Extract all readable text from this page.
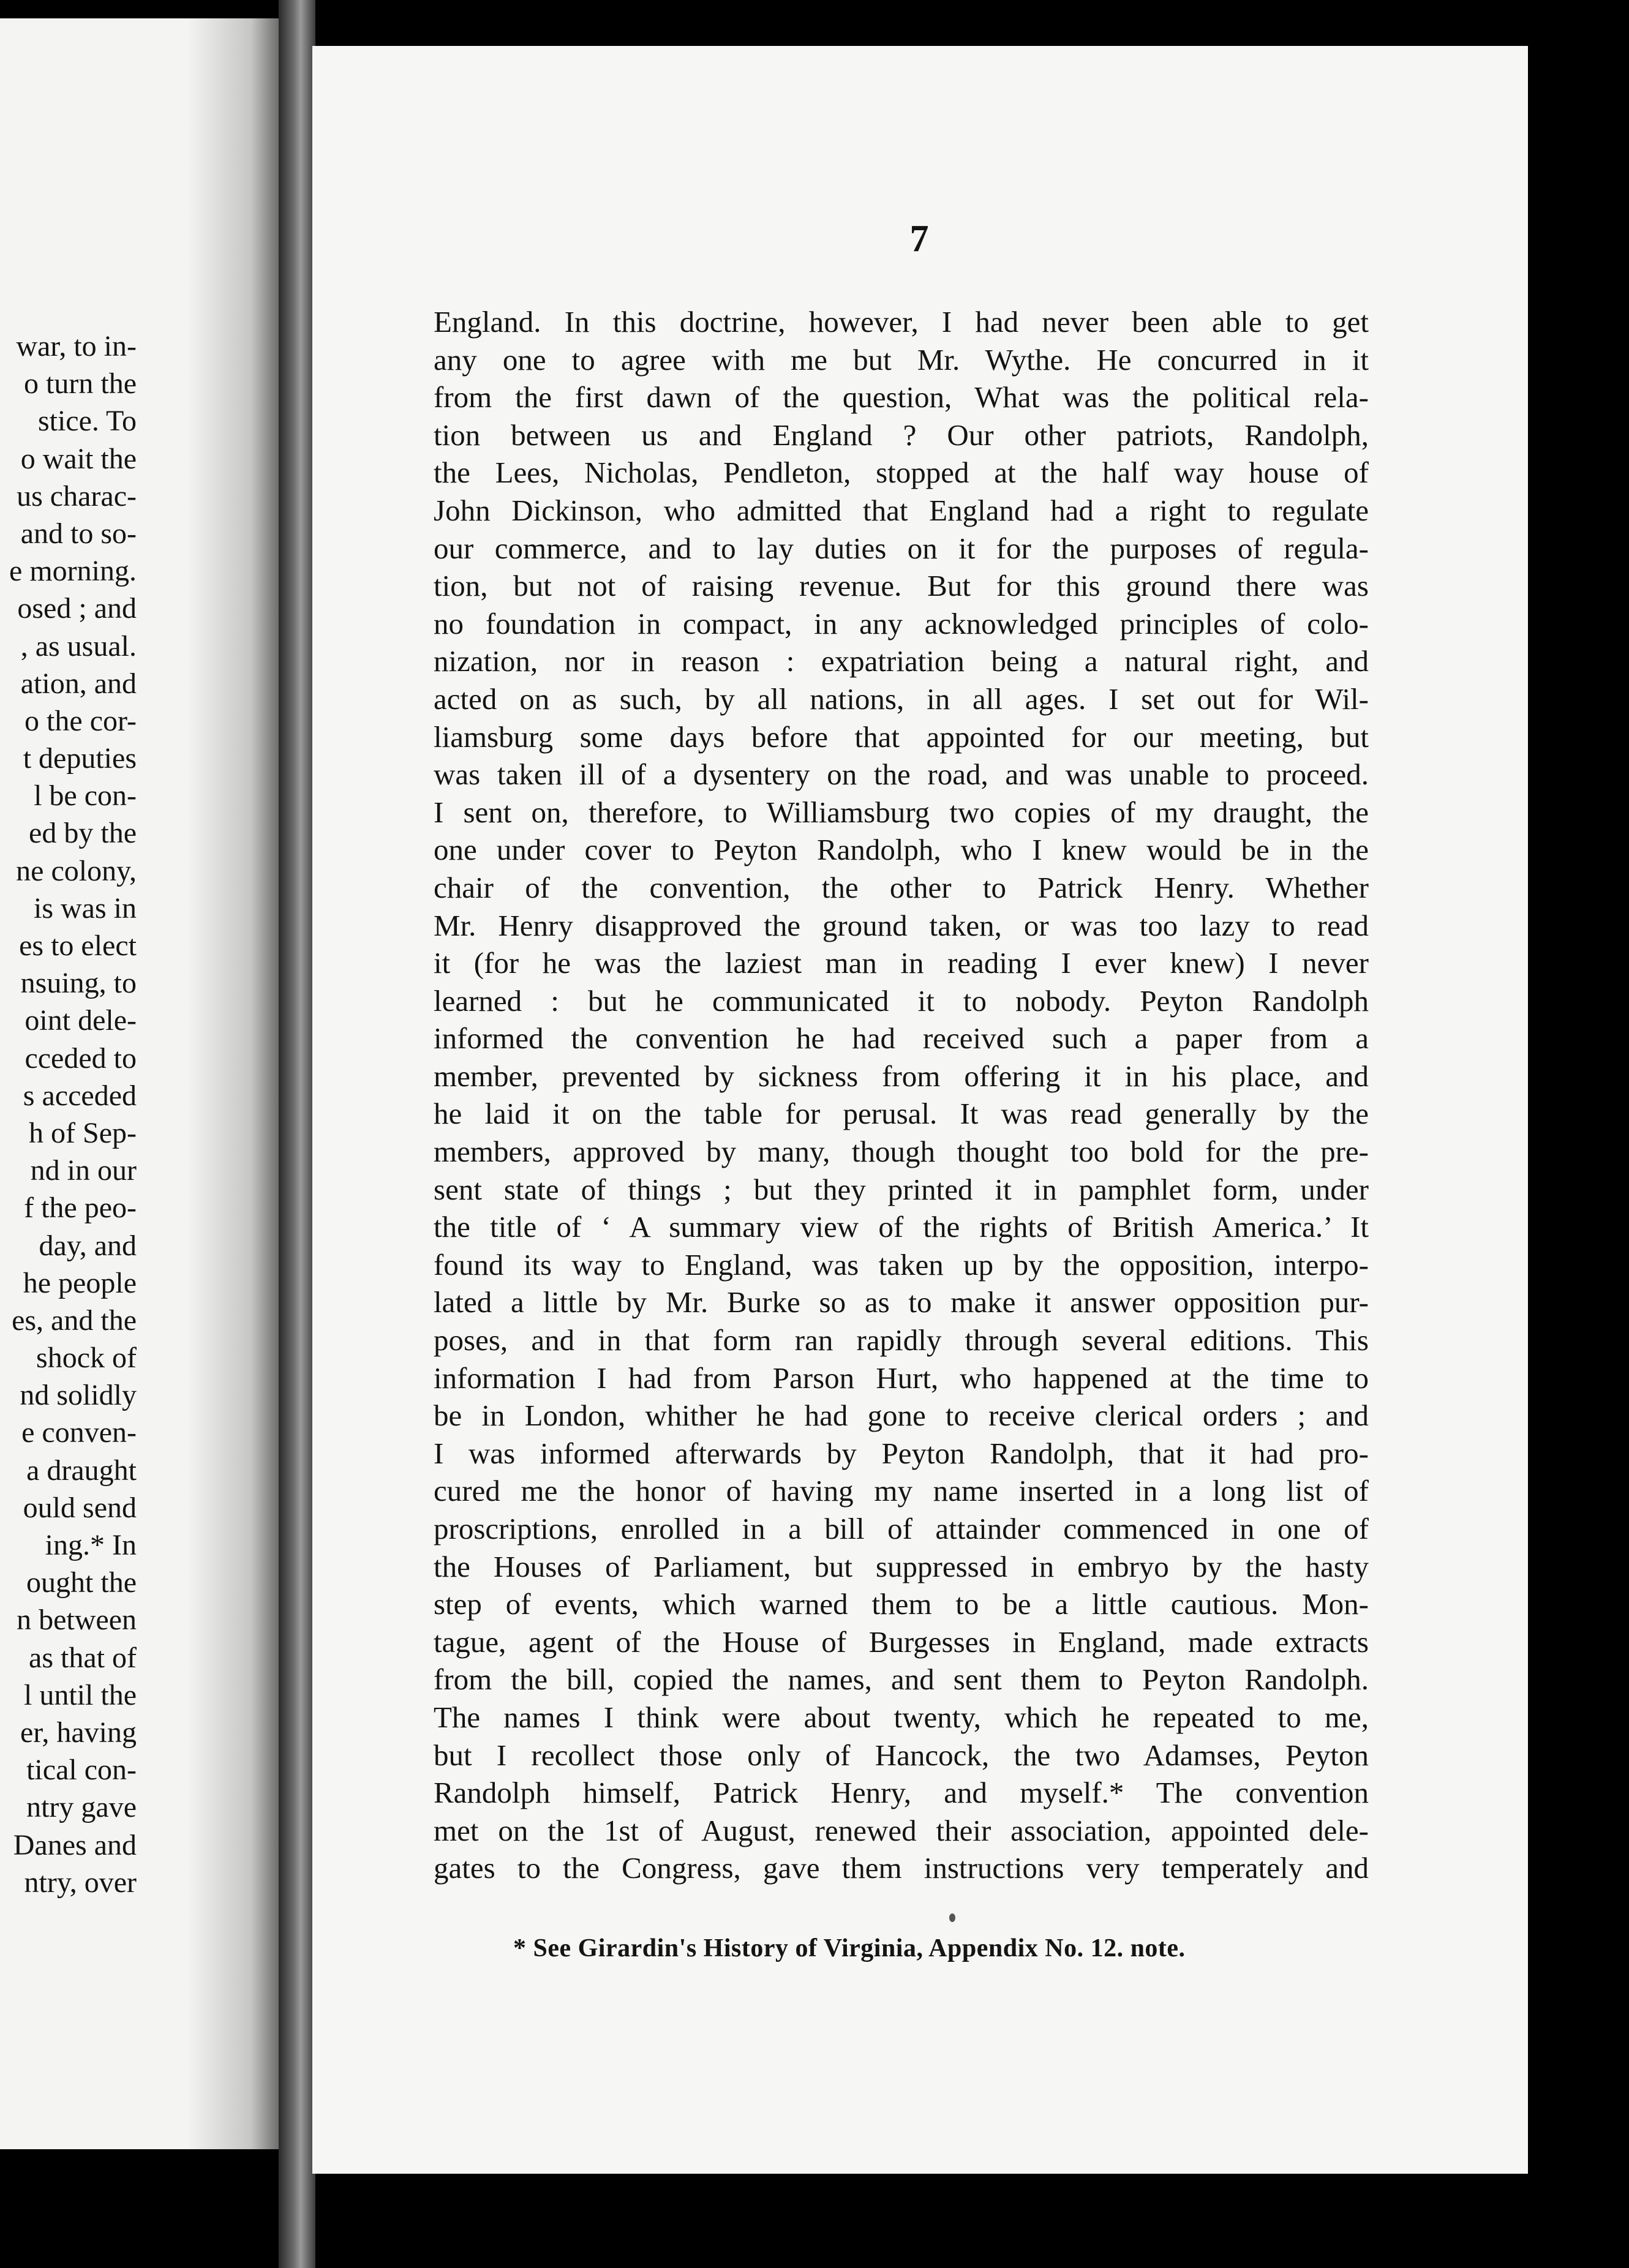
war, to in-
o turn the
stice. To
o wait the
us charac-
and to so-
e morning.
osed ; and
, as usual.
ation, and
o the cor-
t deputies
l be con-
ed by the
ne colony,
is was in
es to elect
nsuing, to
oint dele-
cceded to
s acceded
h of Sep-
nd in our
f the peo-
day, and
he people
es, and the
shock of
nd solidly
e conven-
a draught
ould send
ing.* In
ought the
n between
as that of
l until the
er, having
tical con-
ntry gave
Danes and
ntry, over
7
England. In this doctrine, however, I had never been able to get
any one to agree with me but Mr. Wythe. He concurred in it
from the first dawn of the question, What was the political rela-
tion between us and England ? Our other patriots, Randolph,
the Lees, Nicholas, Pendleton, stopped at the half way house of
John Dickinson, who admitted that England had a right to regulate
our commerce, and to lay duties on it for the purposes of regula-
tion, but not of raising revenue. But for this ground there was
no foundation in compact, in any acknowledged principles of colo-
nization, nor in reason : expatriation being a natural right, and
acted on as such, by all nations, in all ages. I set out for Wil-
liamsburg some days before that appointed for our meeting, but
was taken ill of a dysentery on the road, and was unable to proceed.
I sent on, therefore, to Williamsburg two copies of my draught, the
one under cover to Peyton Randolph, who I knew would be in the
chair of the convention, the other to Patrick Henry. Whether
Mr. Henry disapproved the ground taken, or was too lazy to read
it (for he was the laziest man in reading I ever knew) I never
learned : but he communicated it to nobody. Peyton Randolph
informed the convention he had received such a paper from a
member, prevented by sickness from offering it in his place, and
he laid it on the table for perusal. It was read generally by the
members, approved by many, though thought too bold for the pre-
sent state of things ; but they printed it in pamphlet form, under
the title of ‘ A summary view of the rights of British America.’ It
found its way to England, was taken up by the opposition, interpo-
lated a little by Mr. Burke so as to make it answer opposition pur-
poses, and in that form ran rapidly through several editions. This
information I had from Parson Hurt, who happened at the time to
be in London, whither he had gone to receive clerical orders ; and
I was informed afterwards by Peyton Randolph, that it had pro-
cured me the honor of having my name inserted in a long list of
proscriptions, enrolled in a bill of attainder commenced in one of
the Houses of Parliament, but suppressed in embryo by the hasty
step of events, which warned them to be a little cautious. Mon-
tague, agent of the House of Burgesses in England, made extracts
from the bill, copied the names, and sent them to Peyton Randolph.
The names I think were about twenty, which he repeated to me,
but I recollect those only of Hancock, the two Adamses, Peyton
Randolph himself, Patrick Henry, and myself.* The convention
met on the 1st of August, renewed their association, appointed dele-
gates to the Congress, gave them instructions very temperately and
* See Girardin's History of Virginia, Appendix No. 12. note.
